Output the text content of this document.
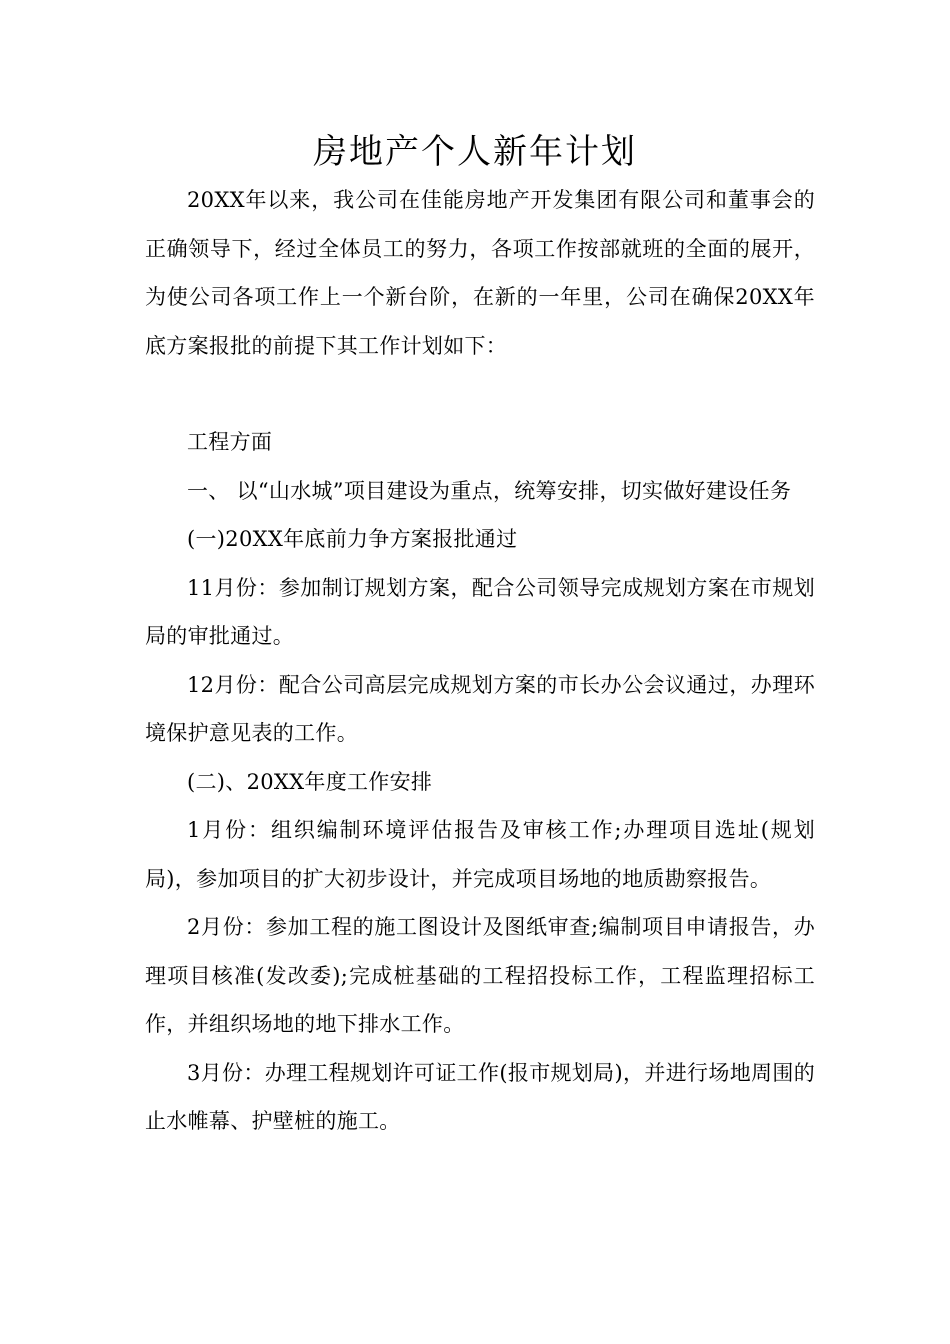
房地产个人新年计划

20XX年以来，我公司在佳能房地产开发集团有限公司和董事会的正确领导下，经过全体员工的努力，各项工作按部就班的全面的展开，为使公司各项工作上一个新台阶，在新的一年里，公司在确保20XX年底方案报批的前提下其工作计划如下：

工程方面

一、 以“山水城”项目建设为重点，统筹安排，切实做好建设任务

(一)20XX年底前力争方案报批通过

11月份：参加制订规划方案，配合公司领导完成规划方案在市规划局的审批通过。

12月份：配合公司高层完成规划方案的市长办公会议通过，办理环境保护意见表的工作。

(二)、20XX年度工作安排

1月份：组织编制环境评估报告及审核工作;办理项目选址(规划局)，参加项目的扩大初步设计，并完成项目场地的地质勘察报告。

2月份：参加工程的施工图设计及图纸审查;编制项目申请报告，办理项目核准(发改委);完成桩基础的工程招投标工作，工程监理招标工作，并组织场地的地下排水工作。

3月份：办理工程规划许可证工作(报市规划局)，并进行场地周围的止水帷幕、护壁桩的施工。
